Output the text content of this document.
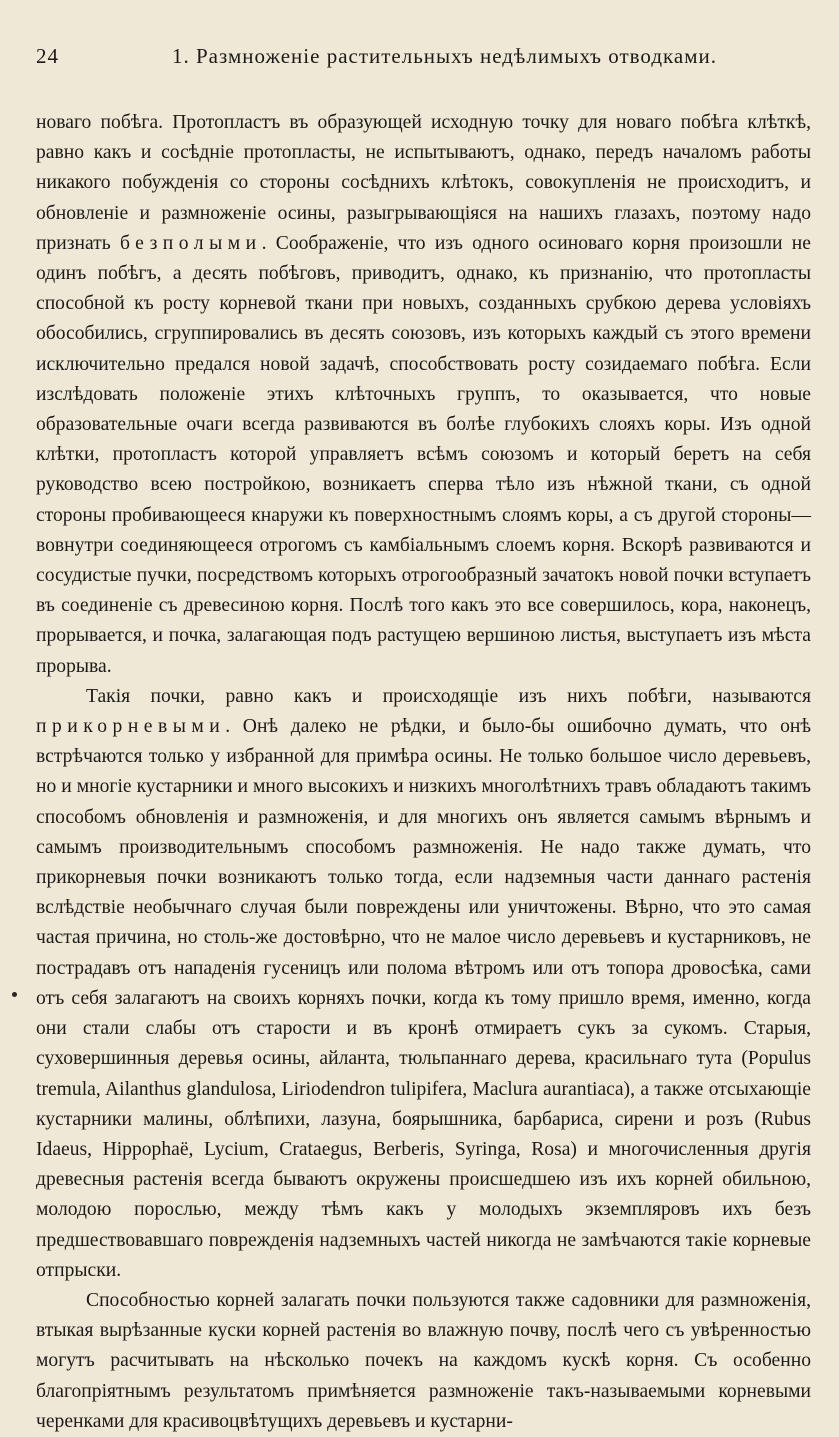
24	1. Размноженіе растительныхъ недѣлимыхъ отводками.

новаго побѣга. Протопластъ въ образующей исходную точку для новаго побѣга клѣткѣ, равно какъ и сосѣдніе протопласты, не испытываютъ, однако, передъ началомъ работы никакого побужденія со стороны сосѣднихъ клѣтокъ, совокупленія не происходитъ, и обновленіе и размноженіе осины, разыгрывающіяся на нашихъ глазахъ, поэтому надо признать безполыми. Соображеніе, что изъ одного осиноваго корня произошли не одинъ побѣгъ, а десять побѣговъ, приводитъ, однако, къ признанію, что протопласты способной къ росту корневой ткани при новыхъ, созданныхъ срубкою дерева условіяхъ обособились, сгруппировались въ десять союзовъ, изъ которыхъ каждый съ этого времени исключительно предался новой задачѣ, способствовать росту созидаемаго побѣга. Если изслѣдовать положеніе этихъ клѣточныхъ группъ, то оказывается, что новые образовательные очаги всегда развиваются въ болѣе глубокихъ слояхъ коры. Изъ одной клѣтки, протопластъ которой управляетъ всѣмъ союзомъ и который беретъ на себя руководство всею постройкою, возникаетъ сперва тѣло изъ нѣжной ткани, съ одной стороны пробивающееся кнаружи къ поверхностнымъ слоямъ коры, а съ другой стороны—вовнутри соединяющееся отрогомъ съ камбіальнымъ слоемъ корня. Вскорѣ развиваются и сосудистые пучки, посредствомъ которыхъ отрогообразный зачатокъ новой почки вступаетъ въ соединеніе съ древесиною корня. Послѣ того какъ это все совершилось, кора, наконецъ, прорывается, и почка, залагающая подъ растущею вершиною листья, выступаетъ изъ мѣста прорыва.

Такія почки, равно какъ и происходящіе изъ нихъ побѣги, называются прикорневыми. Онѣ далеко не рѣдки, и было-бы ошибочно думать, что онѣ встрѣчаются только у избранной для примѣра осины. Не только большое число деревьевъ, но и многіе кустарники и много высокихъ и низкихъ многолѣтнихъ травъ обладаютъ такимъ способомъ обновленія и размноженія, и для многихъ онъ является самымъ вѣрнымъ и самымъ производительнымъ способомъ размноженія. Не надо также думать, что прикорневыя почки возникаютъ только тогда, если надземныя части даннаго растенія вслѣдствіе необычнаго случая были повреждены или уничтожены. Вѣрно, что это самая частая причина, но столь-же достовѣрно, что не малое число деревьевъ и кустарниковъ, не пострадавъ отъ нападенія гусеницъ или полома вѣтромъ или отъ топора дровосѣка, сами отъ себя залагаютъ на своихъ корняхъ почки, когда къ тому пришло время, именно, когда они стали слабы отъ старости и въ кронѣ отмираетъ сукъ за сукомъ. Старыя, суховершинныя деревья осины, айланта, тюльпаннаго дерева, красильнаго тута (Populus tremula, Ailanthus glandulosa, Liriodendron tulipifera, Maclura aurantiaca), а также отсыхающіе кустарники малины, облѣпихи, лазуна, боярышника, барбариса, сирени и розъ (Rubus Idaeus, Hippophaë, Lycium, Crataegus, Berberis, Syringa, Rosa) и многочисленныя другія древесныя растенія всегда бываютъ окружены происшедшею изъ ихъ корней обильною, молодою порослью, между тѣмъ какъ у молодыхъ экземпляровъ ихъ безъ предшествовавшаго поврежденія надземныхъ частей никогда не замѣчаются такіе корневые отпрыски.

Способностью корней залагать почки пользуются также садовники для размноженія, втыкая вырѣзанные куски корней растенія во влажную почву, послѣ чего съ увѣренностью могутъ расчитывать на нѣсколько почекъ на каждомъ кускѣ корня. Съ особенно благопріятнымъ результатомъ примѣняется размноженіе такъ-называемыми корневыми черенками для красивоцвѣтущихъ деревьевъ и кустарни-
